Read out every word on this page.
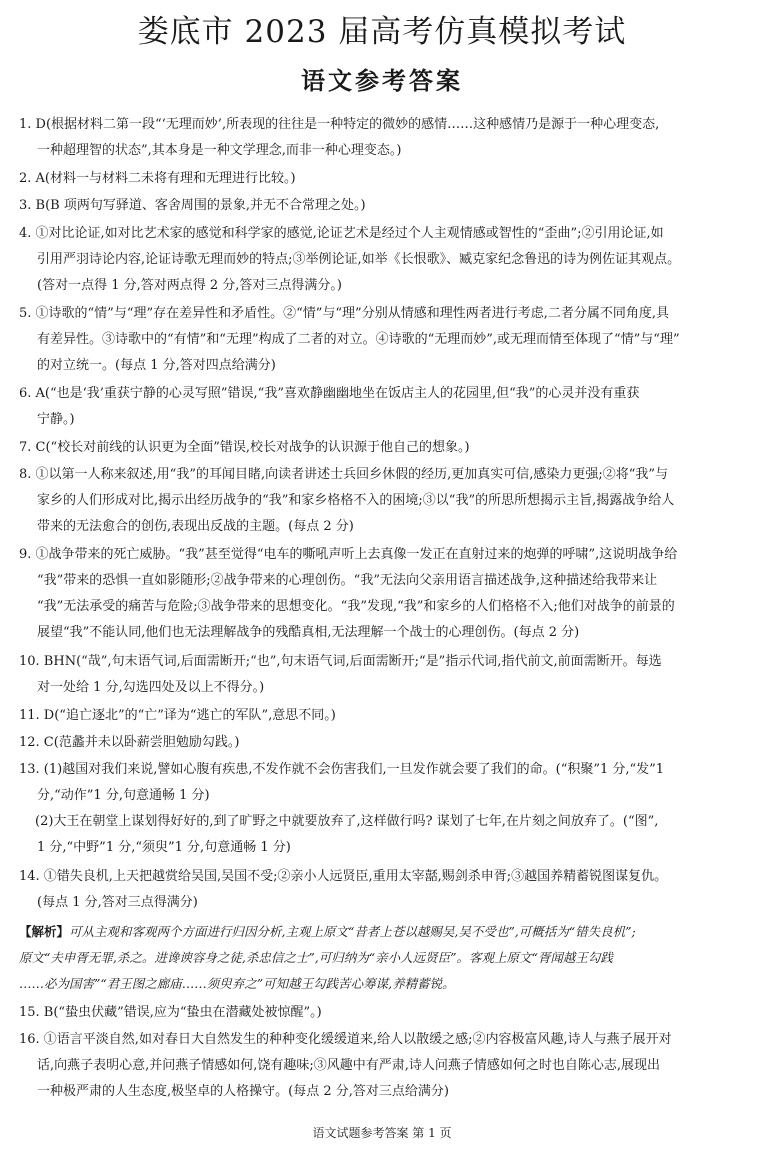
娄底市 2023 届高考仿真模拟考试
语文参考答案
1. D(根据材料二第一段“‘无理而妙’,所表现的往往是一种特定的微妙的感情……这种感情乃是源于一种心理变态,
一种超理智的状态”,其本身是一种文学理念,而非一种心理变态。)
2. A(材料一与材料二未将有理和无理进行比较。)
3. B(B 项两句写驿道、客舍周围的景象,并无不合常理之处。)
4. ①对比论证,如对比艺术家的感觉和科学家的感觉,论证艺术是经过个人主观情感或智性的“歪曲”;②引用论证,如
引用严羽诗论内容,论证诗歌无理而妙的特点;③举例论证,如举《长恨歌》、臧克家纪念鲁迅的诗为例佐证其观点。
(答对一点得 1 分,答对两点得 2 分,答对三点得满分。)
5. ①诗歌的“情”与“理”存在差异性和矛盾性。②“情”与“理”分别从情感和理性两者进行考虑,二者分属不同角度,具
有差异性。③诗歌中的“有情”和“无理”构成了二者的对立。④诗歌的“无理而妙”,或无理而情至体现了“情”与“理”
的对立统一。(每点 1 分,答对四点给满分)
6. A(“也是‘我’重获宁静的心灵写照”错误,“我”喜欢静幽幽地坐在饭店主人的花园里,但“我”的心灵并没有重获
宁静。)
7. C(“校长对前线的认识更为全面”错误,校长对战争的认识源于他自己的想象。)
8. ①以第一人称来叙述,用“我”的耳闻目睹,向读者讲述士兵回乡休假的经历,更加真实可信,感染力更强;②将“我”与
家乡的人们形成对比,揭示出经历战争的“我”和家乡格格不入的困境;③以“我”的所思所想揭示主旨,揭露战争给人
带来的无法愈合的创伤,表现出反战的主题。(每点 2 分)
9. ①战争带来的死亡威胁。“我”甚至觉得“电车的嘶吼声听上去真像一发正在直射过来的炮弹的呼啸”,这说明战争给
“我”带来的恐惧一直如影随形;②战争带来的心理创伤。“我”无法向父亲用语言描述战争,这种描述给我带来让
“我”无法承受的痛苦与危险;③战争带来的思想变化。“我”发现,“我”和家乡的人们格格不入;他们对战争的前景的
展望“我”不能认同,他们也无法理解战争的残酷真相,无法理解一个战士的心理创伤。(每点 2 分)
10. BHN(“哉”,句末语气词,后面需断开;“也”,句末语气词,后面需断开;“是”指示代词,指代前文,前面需断开。每选
对一处给 1 分,勾选四处及以上不得分。)
11. D(“追亡逐北”的“亡”译为“逃亡的军队”,意思不同。)
12. C(范蠡并未以卧薪尝胆勉励勾践。)
13. (1)越国对我们来说,譬如心腹有疾患,不发作就不会伤害我们,一旦发作就会要了我们的命。(“积聚”1 分,“发”1
分,“动作”1 分,句意通畅 1 分)
(2)大王在朝堂上谋划得好好的,到了旷野之中就要放弃了,这样做行吗? 谋划了七年,在片刻之间放弃了。(“图”,
1 分,“中野”1 分,“须臾”1 分,句意通畅 1 分)
14. ①错失良机,上天把越赏给吴国,吴国不受;②亲小人远贤臣,重用太宰嚭,赐剑杀申胥;③越国养精蓄锐图谋复仇。
(每点 1 分,答对三点得满分)
【解析】可从主观和客观两个方面进行归因分析,主观上原文“昔者上苍以越赐吴,吴不受也”,可概括为“错失良机”;
原文“夫申胥无罪,杀之。进谗谀容身之徒,杀忠信之士”,可归纳为“亲小人远贤臣”。客观上原文“胥闻越王勾践
……必为国害”“君王图之廊庙……须臾弃之”可知越王勾践苦心筹谋,养精蓄锐。
15. B(“蛰虫伏藏”错误,应为“蛰虫在潜藏处被惊醒”。)
16. ①语言平淡自然,如对春日大自然发生的种种变化缓缓道来,给人以散缓之感;②内容极富风趣,诗人与燕子展开对
话,向燕子表明心意,并问燕子情感如何,饶有趣味;③风趣中有严肃,诗人问燕子情感如何之时也自陈心志,展现出
一种极严肃的人生态度,极坚卓的人格操守。(每点 2 分,答对三点给满分)
语文试题参考答案 第 1 页
